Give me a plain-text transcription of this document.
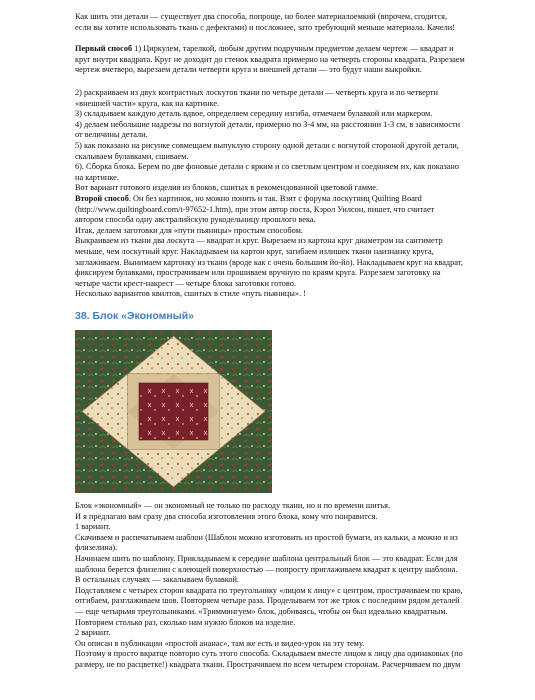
Как шить эти детали — существует два способа, попроще, но более материалоемкий (впрочем, сгодится,

если вы хотите использовать ткань с дефектами) и посложнее, зато требующий меньше материала. Качели!

Первый способ 1) Циркулем, тарелкой, любым другим подручным предметом делаем чертеж — квадрат и

круг внутри квадрата. Круг не доходит до стенок квадрата примерно на четверть стороны квадрата. Разрезаем

чертеж вчетверо, вырезаем детали четверти круга и внешней детали — это будут наши выкройки.

2) раскраиваем из двух контрастных лоскутов ткани по четыре детали — четверть круга и по четверти

«внешней части» круга, как на картинке.

3) складываем каждую деталь вдвое, определяем середину изгиба, отмечаем булавкой или маркером.

4) делаем небольшие надрезы по вогнутой детали, примерно по 3-4 мм, на расстоянии 1-3 см, в зависимости

от величины детали.

5) как показано на рисунке совмещаем выпуклую сторону одной детали с вогнутой стороной другой детали,

скалываем булавками, сшиваем.

6). Сборка блока. Берем по две фоновые детали с ярким и со светлым центром и соединяем их, как показано

на картинке.

Вот вариант готового изделия из блоков, сшитых в рекомендованной цветовой гамме.

Второй способ. Он без картинок, но можно понять и так. Взят с форума лоскутниц Quilting Board

(http://www.quiltingboard.com/t-97652-1.htm), при этом автор поста, Кэрол Уилсон, пишет, что считает

автором способа одну австралийскую рукодельницу прошлого века.

Итак, делаем заготовки для «пути пьяницы» простым способом.

Выкраиваем из ткани два лоскута — квадрат и круг. Вырезаем из картона круг диаметром на сантиметр

меньше, чем лоскутный круг. Накладываем на картон круг, загибаем излишек ткани наизнанку круга,

заглаживаем. Вынимаем картонку из ткани (вроде как с очень большим йо-йо). Накладываем круг на квадрат,

фиксируем булавками, прострачиваем или прошиваем вручную по краям круга. Разрезаем заготовку на

четыре части крест-накрест — четыре блока заготовки готово.

Несколько вариантов квилтов, сшитых в стиле «путь пьяницы». !

38. Блок «Экономный»

Блок «экономный» — он экономный не только по расходу ткани, но и по времени шитья.

И я предлагаю вам сразу два способа изготовления этого блока, кому что понравится.

1 вариант.

Скачиваем и распечатываем шаблон (Шаблон можно изготовить из простой бумаги, из кальки, а можно и из

флизелина).

Начинаем шить по шаблону. Прикладываем к середине шаблона центральный блок — это квадрат. Если для

шаблона берется флизелин с клеющей поверхностью — попросту приглаживаем квадрат к центру шаблона.

В остальных случаях — закалываем булавкой.

Подставляем с четырех сторон квадрата по треугольнику «лицом к лицу» с центром, прострачиваем по краю,

отгибаем, разглаживаем шов. Повторяем четыре раза. Проделываем тот же трюк с последним рядом деталей

— еще четырьмя треугольниками. «Триммингуем» блок, добиваясь, чтобы он был идеально квадратным.

Повторяем столько раз, сколько нам нужно блоков на изделие.

2 вариант.

Он описан в публикации «простой ананас», там же есть и видео-урок на эту тему.

Поэтому я просто вкратце повторю суть этого способа. Складываем вместе лицом к лицу два одинаковых (по

размеру, не по расцветке!) квадрата ткани. Прострачиваем по всем четырем сторонам. Расчерчиваем по двум
